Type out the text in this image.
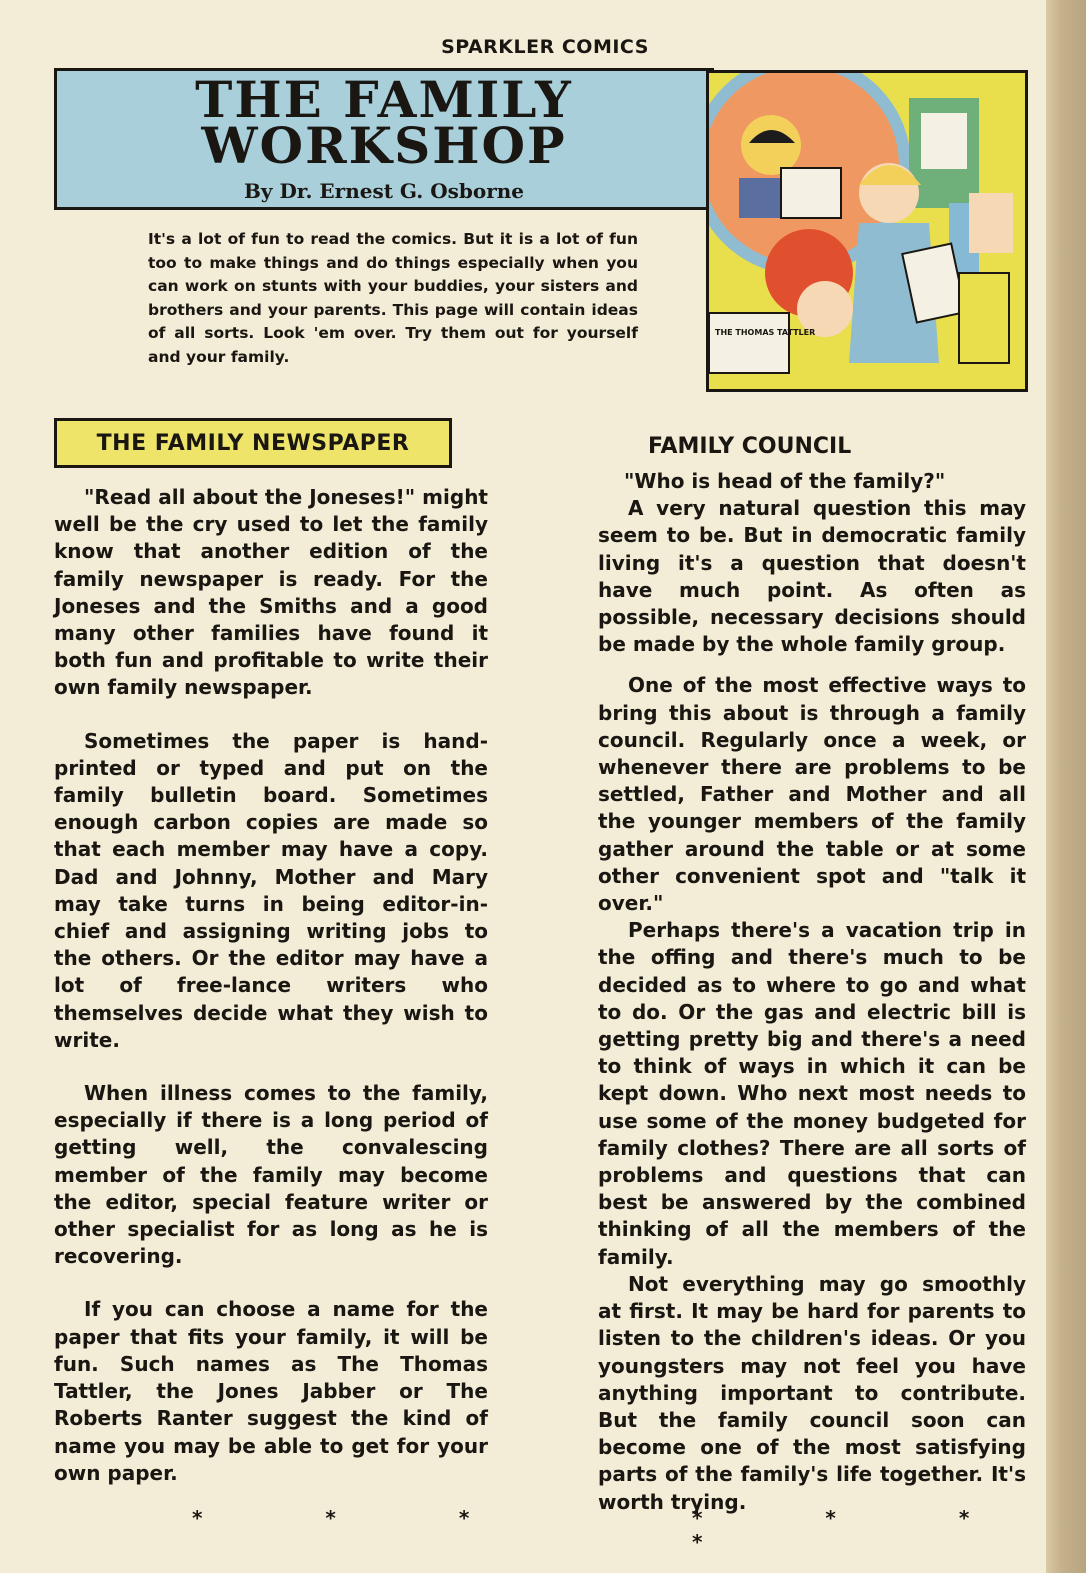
SPARKLER COMICS
THE FAMILY
WORKSHOP
By Dr. Ernest G. Osborne
It's a lot of fun to read the comics. But it is a lot of fun too to make things and do things especially when you can work on stunts with your buddies, your sisters and brothers and your parents. This page will contain ideas of all sorts. Look 'em over. Try them out for yourself and your family.
THE THOMAS TATTLER
THE FAMILY NEWSPAPER	FAMILY COUNCIL

"Read all about the Joneses!" might well be the cry used to let the family know that another edition of the family newspaper is ready. For the Joneses and the Smiths and a good many other families have found it both fun and profitable to write their own family newspaper.

Sometimes the paper is hand-printed or typed and put on the family bulletin board. Sometimes enough carbon copies are made so that each member may have a copy. Dad and Johnny, Mother and Mary may take turns in being editor-in-chief and assigning writing jobs to the others. Or the editor may have a lot of free-lance writers who themselves decide what they wish to write.

When illness comes to the family, especially if there is a long period of getting well, the convalescing member of the family may become the editor, special feature writer or other specialist for as long as he is recovering.

If you can choose a name for the paper that fits your family, it will be fun. Such names as The Thomas Tattler, the Jones Jabber or The Roberts Ranter suggest the kind of name you may be able to get for your own paper.

"Who is head of the family?"

A very natural question this may seem to be. But in democratic family living it's a question that doesn't have much point. As often as possible, necessary decisions should be made by the whole family group.

One of the most effective ways to bring this about is through a family council. Regularly once a week, or whenever there are problems to be settled, Father and Mother and all the younger members of the family gather around the table or at some other convenient spot and "talk it over."

Perhaps there's a vacation trip in the offing and there's much to be decided as to where to go and what to do. Or the gas and electric bill is getting pretty big and there's a need to think of ways in which it can be kept down. Who next most needs to use some of the money budgeted for family clothes? There are all sorts of problems and questions that can best be answered by the combined thinking of all the members of the family.

Not everything may go smoothly at first. It may be hard for parents to listen to the children's ideas. Or you youngsters may not feel you have anything important to contribute. But the family council soon can become one of the most satisfying parts of the family's life together. It's worth trying.

* * *	* * * *
